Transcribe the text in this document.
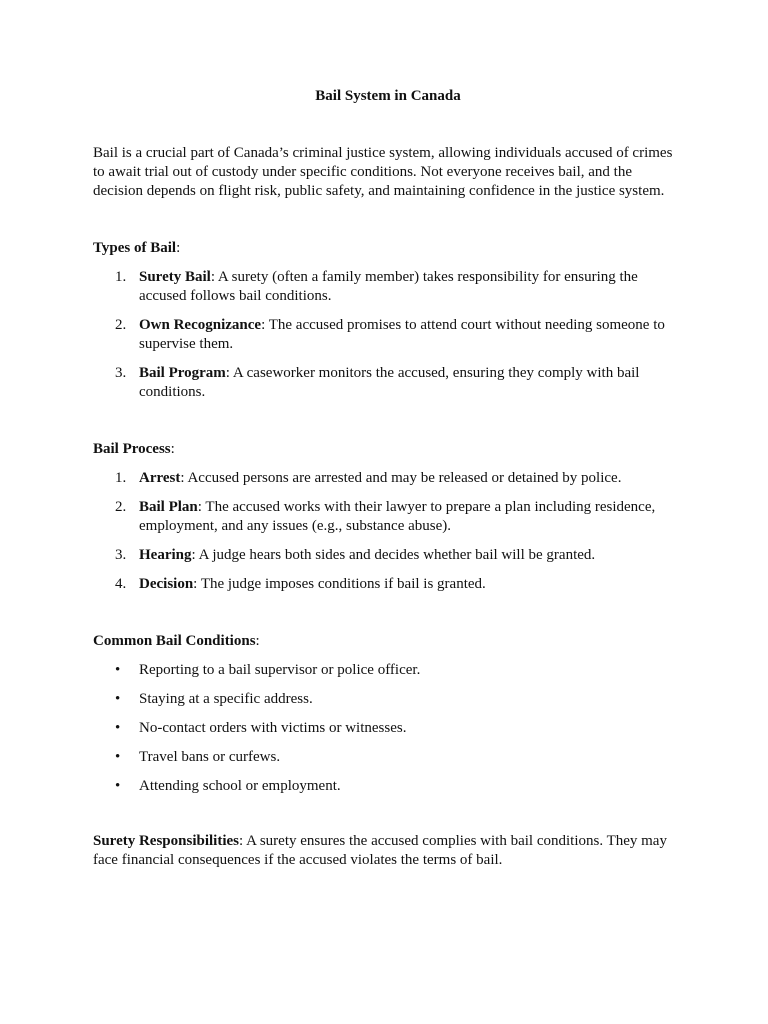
Bail System in Canada

Bail is a crucial part of Canada’s criminal justice system, allowing individuals accused of crimes to await trial out of custody under specific conditions. Not everyone receives bail, and the decision depends on flight risk, public safety, and maintaining confidence in the justice system.

Types of Bail:

1. Surety Bail: A surety (often a family member) takes responsibility for ensuring the accused follows bail conditions.
2. Own Recognizance: The accused promises to attend court without needing someone to supervise them.
3. Bail Program: A caseworker monitors the accused, ensuring they comply with bail conditions.

Bail Process:

1. Arrest: Accused persons are arrested and may be released or detained by police.
2. Bail Plan: The accused works with their lawyer to prepare a plan including residence, employment, and any issues (e.g., substance abuse).
3. Hearing: A judge hears both sides and decides whether bail will be granted.
4. Decision: The judge imposes conditions if bail is granted.

Common Bail Conditions:

• Reporting to a bail supervisor or police officer.
• Staying at a specific address.
• No-contact orders with victims or witnesses.
• Travel bans or curfews.
• Attending school or employment.

Surety Responsibilities: A surety ensures the accused complies with bail conditions. They may face financial consequences if the accused violates the terms of bail.
